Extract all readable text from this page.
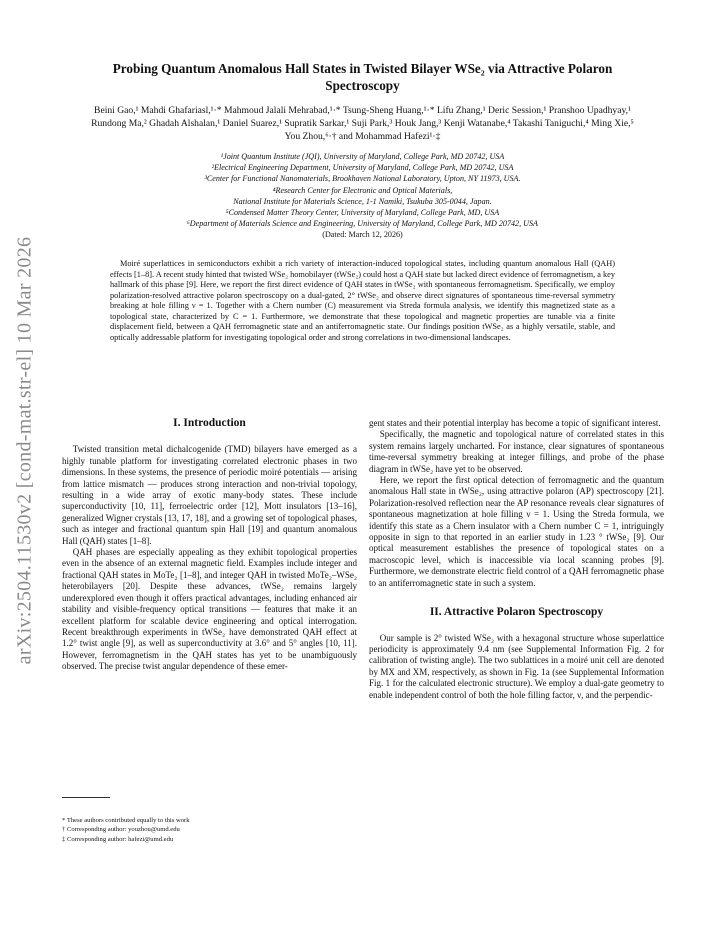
arXiv:2504.11530v2 [cond-mat.str-el] 10 Mar 2026
Probing Quantum Anomalous Hall States in Twisted Bilayer WSe₂ via Attractive Polaron Spectroscopy
Beini Gao,¹ Mahdi Ghafariasl,¹·* Mahmoud Jalali Mehrabad,¹·* Tsung-Sheng Huang,¹·* Lifu Zhang,¹ Deric Session,¹ Pranshoo Upadhyay,¹ Rundong Ma,² Ghadah Alshalan,¹ Daniel Suarez,¹ Supratik Sarkar,¹ Suji Park,³ Houk Jang,³ Kenji Watanabe,⁴ Takashi Taniguchi,⁴ Ming Xie,⁵ You Zhou,⁶·† and Mohammad Hafezi¹·‡
¹Joint Quantum Institute (JQI), University of Maryland, College Park, MD 20742, USA
²Electrical Engineering Department, University of Maryland, College Park, MD 20742, USA
³Center for Functional Nanomaterials, Brookhaven National Laboratory, Upton, NY 11973, USA.
⁴Research Center for Electronic and Optical Materials,
National Institute for Materials Science, 1-1 Namiki, Tsukuba 305-0044, Japan.
⁵Condensed Matter Theory Center, University of Maryland, College Park, MD, USA
⁶Department of Materials Science and Engineering, University of Maryland, College Park, MD 20742, USA
(Dated: March 12, 2026)
Moiré superlattices in semiconductors exhibit a rich variety of interaction-induced topological states, including quantum anomalous Hall (QAH) effects [1–8]. A recent study hinted that twisted WSe₂ homobilayer (tWSe₂) could host a QAH state but lacked direct evidence of ferromagnetism, a key hallmark of this phase [9]. Here, we report the first direct evidence of QAH states in tWSe₂ with spontaneous ferromagnetism. Specifically, we employ polarization-resolved attractive polaron spectroscopy on a dual-gated, 2° tWSe₂ and observe direct signatures of spontaneous time-reversal symmetry breaking at hole filling ν = 1. Together with a Chern number (C) measurement via Streda formula analysis, we identify this magnetized state as a topological state, characterized by C = 1. Furthermore, we demonstrate that these topological and magnetic properties are tunable via a finite displacement field, between a QAH ferromagnetic state and an antiferromagnetic state. Our findings position tWSe₂ as a highly versatile, stable, and optically addressable platform for investigating topological order and strong correlations in two-dimensional landscapes.
I. Introduction

Twisted transition metal dichalcogenide (TMD) bilayers have emerged as a highly tunable platform for investigating correlated electronic phases in two dimensions. In these systems, the presence of periodic moiré potentials — arising from lattice mismatch — produces strong interaction and non-trivial topology, resulting in a wide array of exotic many-body states. These include superconductivity [10, 11], ferroelectric order [12], Mott insulators [13–16], generalized Wigner crystals [13, 17, 18], and a growing set of topological phases, such as integer and fractional quantum spin Hall [19] and quantum anomalous Hall (QAH) states [1–8].

QAH phases are especially appealing as they exhibit topological properties even in the absence of an external magnetic field. Examples include integer and fractional QAH states in MoTe₂ [1–8], and integer QAH in twisted MoTe₂–WSe₂ heterobilayers [20]. Despite these advances, tWSe₂ remains largely underexplored even though it offers practical advantages, including enhanced air stability and visible-frequency optical transitions — features that make it an excellent platform for scalable device engineering and optical interrogation. Recent breakthrough experiments in tWSe₂ have demonstrated QAH effect at 1.2° twist angle [9], as well as superconductivity at 3.6° and 5° angles [10, 11]. However, ferromagnetism in the QAH states has yet to be unambiguously observed. The precise twist angular dependence of these emer-

gent states and their potential interplay has become a topic of significant interest.

Specifically, the magnetic and topological nature of correlated states in this system remains largely uncharted. For instance, clear signatures of spontaneous time-reversal symmetry breaking at integer fillings, and probe of the phase diagram in tWSe₂ have yet to be observed.

Here, we report the first optical detection of ferromagnetic and the quantum anomalous Hall state in tWSe₂, using attractive polaron (AP) spectroscopy [21]. Polarization-resolved reflection near the AP resonance reveals clear signatures of spontaneous magnetization at hole filling ν = 1. Using the Streda formula, we identify this state as a Chern insulator with a Chern number C = 1, intriguingly opposite in sign to that reported in an earlier study in 1.23 ° tWSe₂ [9]. Our optical measurement establishes the presence of topological states on a macroscopic level, which is inaccessible via local scanning probes [9]. Furthermore, we demonstrate electric field control of a QAH ferromagnetic phase to an antiferromagnetic state in such a system.

II. Attractive Polaron Spectroscopy

Our sample is 2° twisted WSe₂ with a hexagonal structure whose superlattice periodicity is approximately 9.4 nm (see Supplemental Information Fig. 2 for calibration of twisting angle). The two sublattices in a moiré unit cell are denoted by MX and XM, respectively, as shown in Fig. 1a (see Supplemental Information Fig. 1 for the calculated electronic structure). We employ a dual-gate geometry to enable independent control of both the hole filling factor, ν, and the perpendic-

* These authors contributed equally to this work
† Corresponding author: youzhou@umd.edu
‡ Corresponding author: hafezi@umd.edu
